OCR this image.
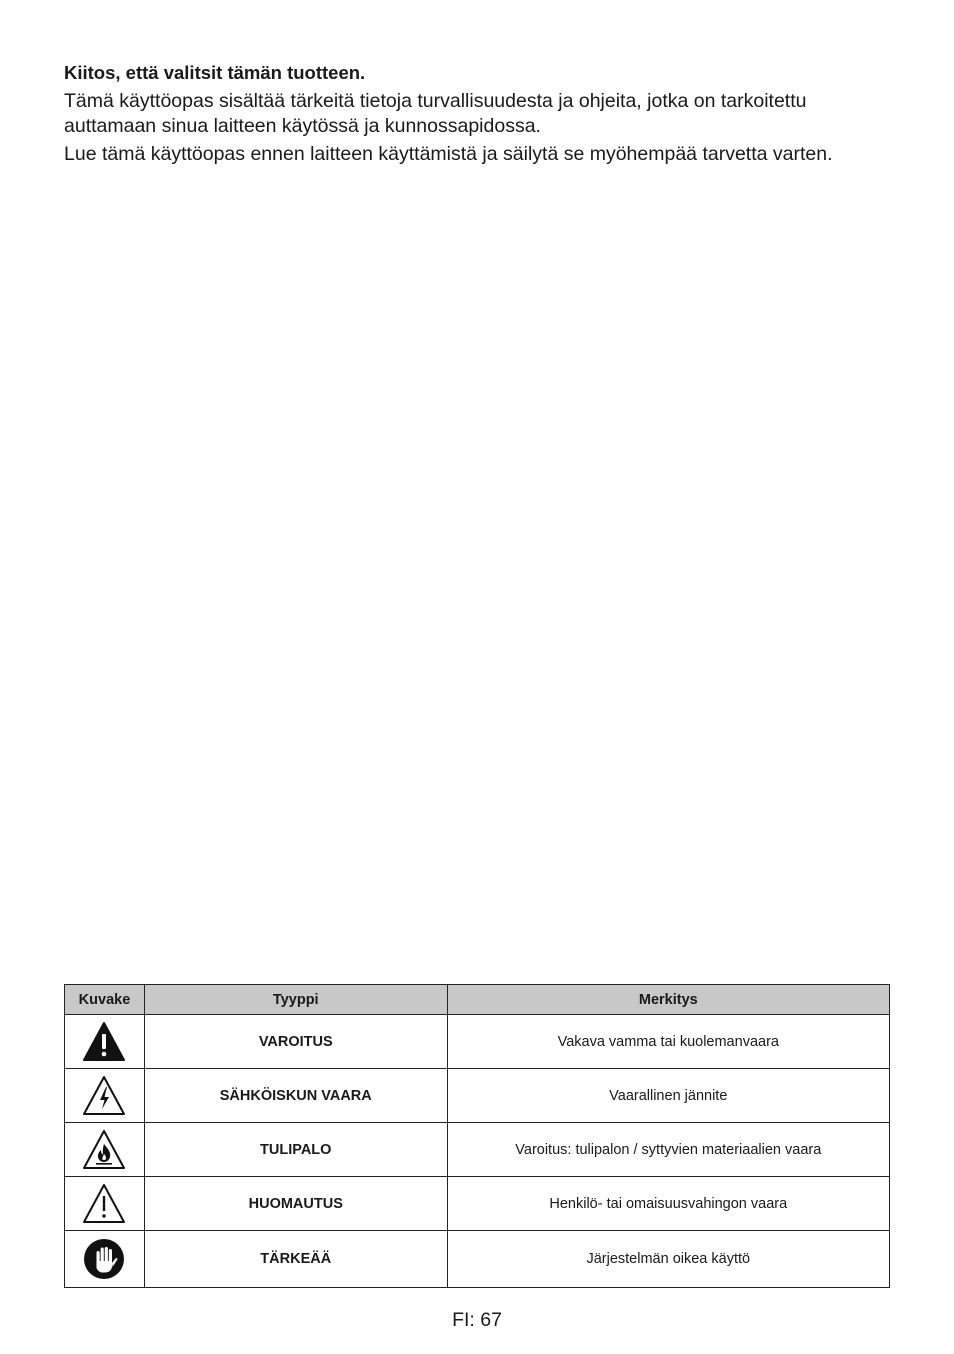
Kiitos, että valitsit tämän tuotteen.

Tämä käyttöopas sisältää tärkeitä tietoja turvallisuudesta ja ohjeita, jotka on tarkoitettu auttamaan sinua laitteen käytössä ja kunnossapidossa.

Lue tämä käyttöopas ennen laitteen käyttämistä ja säilytä se myöhempää tarvetta varten.

Kuvake	Tyyppi	Merkitys

	VAROITUS	Vakava vamma tai kuolemanvaara

	SÄHKÖISKUN VAARA	Vaarallinen jännite

	TULIPALO	Varoitus: tulipalon / syttyvien materiaalien vaara

	HUOMAUTUS	Henkilö- tai omaisuusvahingon vaara

	TÄRKEÄÄ	Järjestelmän oikea käyttö
FI: 67
